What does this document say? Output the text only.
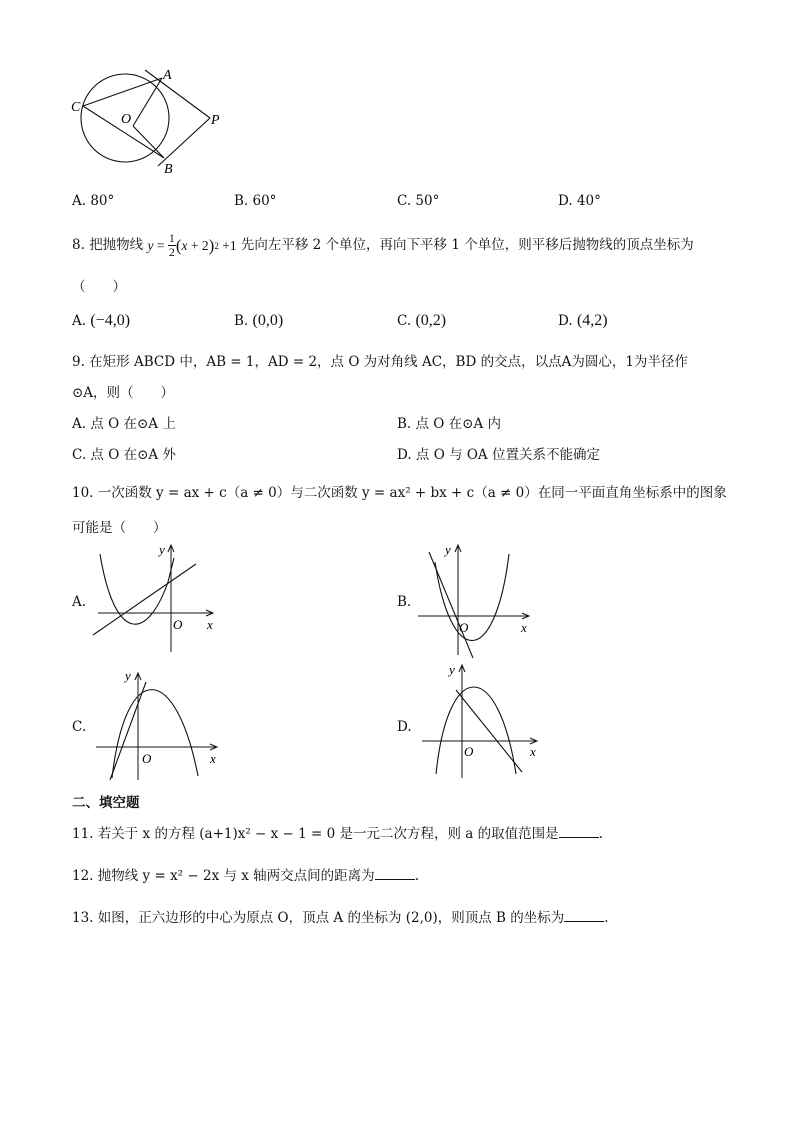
A
C
O	P
B
A. 80°	B. 60°	C. 50°	D. 40°
8. 把抛物线 y = 1
2 ( x + 2 ) 2 +1 先向左平移 2 个单位，再向下平移 1 个单位，则平移后抛物线的顶点坐标为
（　　）
A. (−4,0)	B. (0,0)	C. (0,2)	D. (4,2)
9. 在矩形 ABCD 中，AB = 1，AD = 2，点 O 为对角线 AC，BD 的交点，以点A为圆心，1为半径作
⊙A，则（　　）
A. 点 O 在⊙A 上	B. 点 O 在⊙A 内
C. 点 O 在⊙A 外	D. 点 O 与 OA 位置关系不能确定
10. 一次函数 y = ax + c（a ≠ 0）与二次函数 y = ax² + bx + c（a ≠ 0）在同一平面直角坐标系中的图象
可能是（　　）
A.
y
x
O
B.
y
x
O
C.
y
x
O
D.
y
x
O
二、填空题
11. 若关于 x 的方程 (a+1)x² − x − 1 = 0 是一元二次方程，则 a 的取值范围是	.
12. 抛物线 y = x² − 2x 与 x 轴两交点间的距离为	.
13. 如图，正六边形的中心为原点 O，顶点 A 的坐标为 (2,0)，则顶点 B 的坐标为	.
